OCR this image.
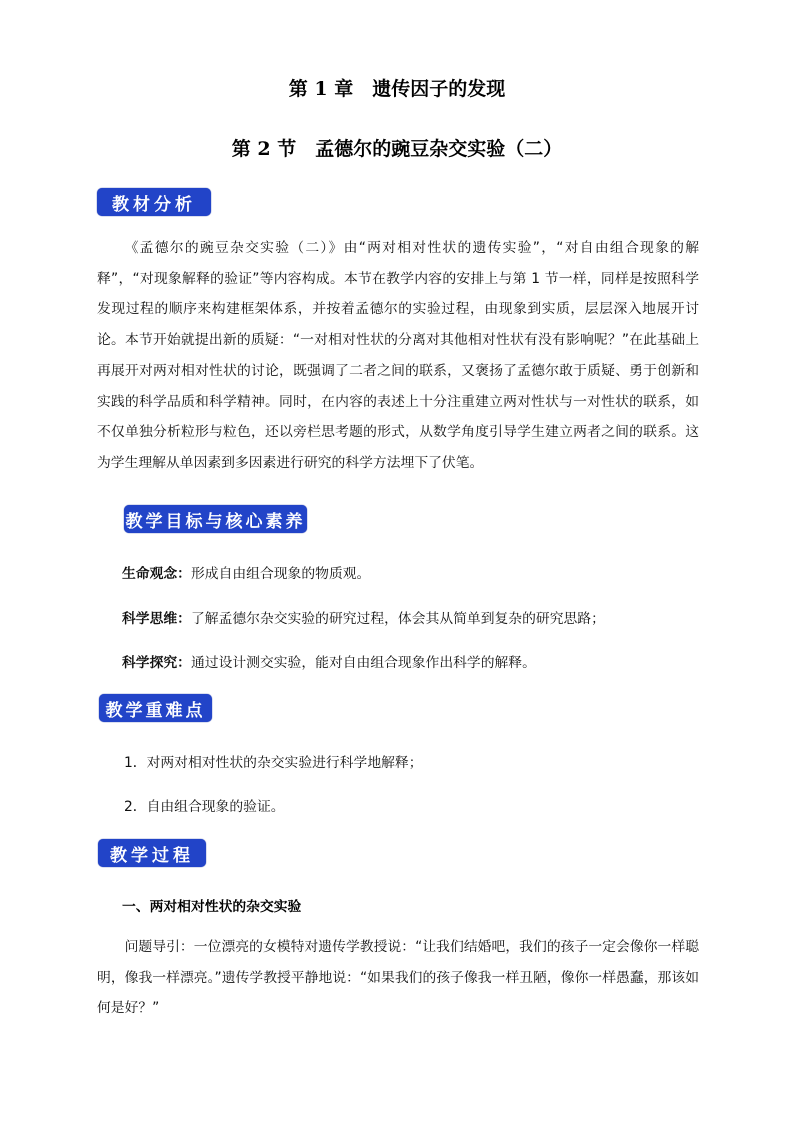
第 1 章　遗传因子的发现
第 2 节　孟德尔的豌豆杂交实验（二）
教材分析
《孟德尔的豌豆杂交实验（二）》由“两对相对性状的遗传实验”，“对自由组合现象的解释”，“对现象解释的验证”等内容构成。本节在教学内容的安排上与第 1 节一样，同样是按照科学发现过程的顺序来构建框架体系，并按着孟德尔的实验过程，由现象到实质，层层深入地展开讨论。本节开始就提出新的质疑：“一对相对性状的分离对其他相对性状有没有影响呢？”在此基础上再展开对两对相对性状的讨论，既强调了二者之间的联系，又褒扬了孟德尔敢于质疑、勇于创新和实践的科学品质和科学精神。同时，在内容的表述上十分注重建立两对性状与一对性状的联系，如不仅单独分析粒形与粒色，还以旁栏思考题的形式，从数学角度引导学生建立两者之间的联系。这为学生理解从单因素到多因素进行研究的科学方法埋下了伏笔。
教学目标与核心素养
生命观念：形成自由组合现象的物质观。
科学思维：了解孟德尔杂交实验的研究过程，体会其从简单到复杂的研究思路；
科学探究：通过设计测交实验，能对自由组合现象作出科学的解释。
教学重难点
1．对两对相对性状的杂交实验进行科学地解释；
2．自由组合现象的验证。
教学过程
一、两对相对性状的杂交实验
问题导引：一位漂亮的女模特对遗传学教授说：“让我们结婚吧，我们的孩子一定会像你一样聪明，像我一样漂亮。”遗传学教授平静地说：“如果我们的孩子像我一样丑陋，像你一样愚蠢，那该如何是好？”
